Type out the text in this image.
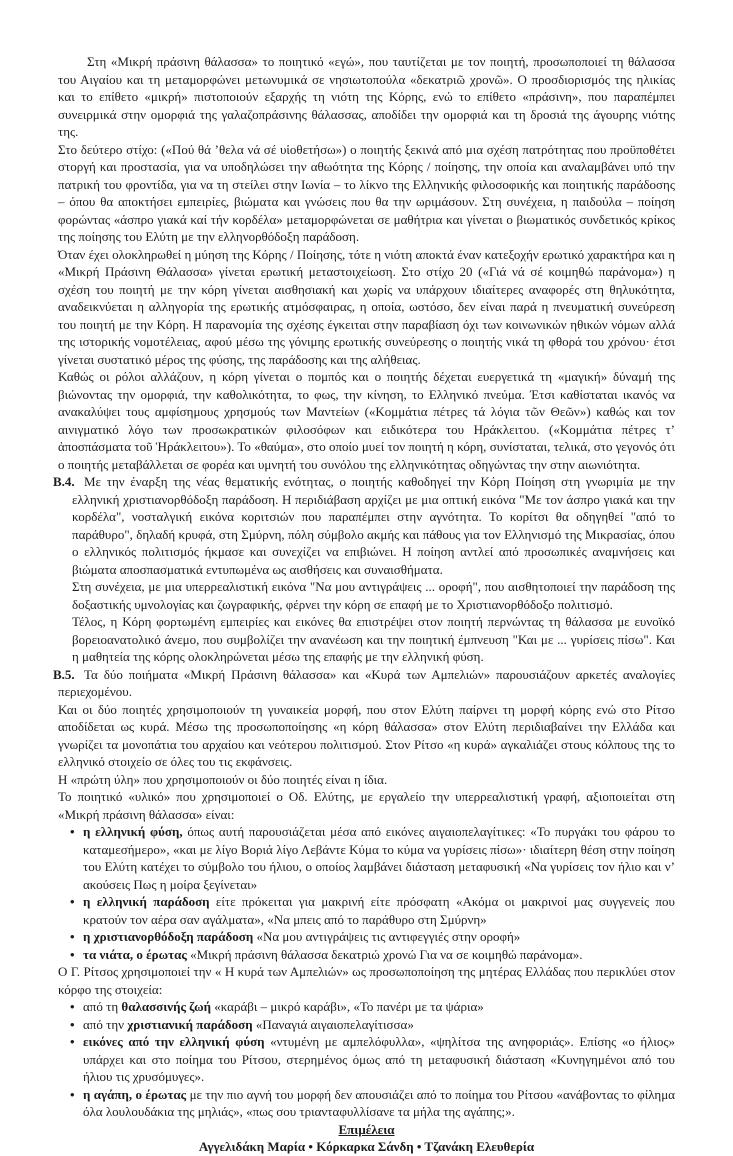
Στη «Μικρή πράσινη θάλασσα» το ποιητικό «εγώ», που ταυτίζεται με τον ποιητή, προσωποποιεί τη θάλασσα του Αιγαίου και τη μεταμορφώνει μετωνυμικά σε νησιωτοπούλα «δεκατριῶ χρονῶ». Ο προσδιορισμός της ηλικίας και το επίθετο «μικρή» πιστοποιούν εξαρχής τη νιότη της Κόρης, ενώ το επίθετο «πράσινη», που παραπέμπει συνειρμικά στην ομορφιά της γαλαζοπράσινης θάλασσας, αποδίδει την ομορφιά και τη δροσιά της άγουρης νιότης της.

Στο δεύτερο στίχο: («Πού θά ’θελα νά σέ υἱοθετήσω») ο ποιητής ξεκινά από μια σχέση πατρότητας που προϋποθέτει στοργή και προστασία, για να υποδηλώσει την αθωότητα της Κόρης / ποίησης, την οποία και αναλαμβάνει υπό την πατρική του φροντίδα, για να τη στείλει στην Ιωνία – το λίκνο της Ελληνικής φιλοσοφικής και ποιητικής παράδοσης – όπου θα αποκτήσει εμπειρίες, βιώματα και γνώσεις που θα την ωριμάσουν. Στη συνέχεια, η παιδούλα – ποίηση φορώντας «άσπρο γιακά καί τήν κορδέλα» μεταμορφώνεται σε μαθήτρια και γίνεται ο βιωματικός συνδετικός κρίκος της ποίησης του Ελύτη με την ελληνορθόδοξη παράδοση.

Όταν έχει ολοκληρωθεί η μύηση της Κόρης / Ποίησης, τότε η νιότη αποκτά έναν κατεξοχήν ερωτικό χαρακτήρα και η «Μικρή Πράσινη Θάλασσα» γίνεται ερωτική μεταστοιχείωση. Στο στίχο 20 («Γιά νά σέ κοιμηθώ παράνομα») η σχέση του ποιητή με την κόρη γίνεται αισθησιακή και χωρίς να υπάρχουν ιδιαίτερες αναφορές στη θηλυκότητα, αναδεικνύεται η αλληγορία της ερωτικής ατμόσφαιρας, η οποία, ωστόσο, δεν είναι παρά η πνευματική συνεύρεση του ποιητή με την Κόρη. Η παρανομία της σχέσης έγκειται στην παραβίαση όχι των κοινωνικών ηθικών νόμων αλλά της ιστορικής νομοτέλειας, αφού μέσω της γόνιμης ερωτικής συνεύρεσης ο ποιητής νικά τη φθορά του χρόνου· έτσι γίνεται συστατικό μέρος της φύσης, της παράδοσης και της αλήθειας.

Καθώς οι ρόλοι αλλάζουν, η κόρη γίνεται ο πομπός και ο ποιητής δέχεται ευεργετικά τη «μαγική» δύναμή της βιώνοντας την ομορφιά, την καθολικότητα, το φως, την κίνηση, το Ελληνικό πνεύμα. Έτσι καθίσταται ικανός να ανακαλύψει τους αμφίσημους χρησμούς των Μαντείων («Κομμάτια πέτρες τά λόγια τῶν Θεῶν») καθώς και τον αινιγματικό λόγο των προσωκρατικών φιλοσόφων και ειδικότερα του Ηράκλειτου. («Κομμάτια πέτρες τ’ ἀποσπάσματα τοῦ Ἡράκλειτου»). Το «θαύμα», στο οποίο μυεί τον ποιητή η κόρη, συνίσταται, τελικά, στο γεγονός ότι ο ποιητής μεταβάλλεται σε φορέα και υμνητή του συνόλου της ελληνικότητας οδηγώντας την στην αιωνιότητα.

Β.4. Με την έναρξη της νέας θεματικής ενότητας, ο ποιητής καθοδηγεί την Κόρη Ποίηση στη γνωριμία με την ελληνική χριστιανορθόδοξη παράδοση. Η περιδιάβαση αρχίζει με μια οπτική εικόνα "Με τον άσπρο γιακά και την κορδέλα", νοσταλγική εικόνα κοριτσιών που παραπέμπει στην αγνότητα. Το κορίτσι θα οδηγηθεί "από το παράθυρο", δηλαδή κρυφά, στη Σμύρνη, πόλη σύμβολο ακμής και πάθους για τον Ελληνισμό της Μικρασίας, όπου ο ελληνικός πολιτισμός ήκμασε και συνεχίζει να επιβιώνει. Η ποίηση αντλεί από προσωπικές αναμνήσεις και βιώματα αποσπασματικά εντυπωμένα ως αισθήσεις και συναισθήματα.

Στη συνέχεια, με μια υπερρεαλιστική εικόνα "Να μου αντιγράψεις ... οροφή", που αισθητοποιεί την παράδοση της δοξαστικής υμνολογίας και ζωγραφικής, φέρνει την κόρη σε επαφή με το Χριστιανορθόδοξο πολιτισμό.

Τέλος, η Κόρη φορτωμένη εμπειρίες και εικόνες θα επιστρέψει στον ποιητή περνώντας τη θάλασσα με ευνοϊκό βορειοανατολικό άνεμο, που συμβολίζει την ανανέωση και την ποιητική έμπνευση "Και με ... γυρίσεις πίσω". Και η μαθητεία της κόρης ολοκληρώνεται μέσω της επαφής με την ελληνική φύση.

Β.5. Τα δύο ποιήματα «Μικρή Πράσινη θάλασσα» και «Κυρά των Αμπελιών» παρουσιάζουν αρκετές αναλογίες περιεχομένου.

Και οι δύο ποιητές χρησιμοποιούν τη γυναικεία μορφή, που στον Ελύτη παίρνει τη μορφή κόρης ενώ στο Ρίτσο αποδίδεται ως κυρά. Μέσω της προσωποποίησης «η κόρη θάλασσα» στον Ελύτη περιδιαβαίνει την Ελλάδα και γνωρίζει τα μονοπάτια του αρχαίου και νεότερου πολιτισμού. Στον Ρίτσο «η κυρά» αγκαλιάζει στους κόλπους της το ελληνικό στοιχείο σε όλες του τις εκφάνσεις.

Η «πρώτη ύλη» που χρησιμοποιούν οι δύο ποιητές είναι η ίδια.

Το ποιητικό «υλικό» που χρησιμοποιεί ο Οδ. Ελύτης, με εργαλείο την υπερρεαλιστική γραφή, αξιοποιείται στη «Μικρή πράσινη θάλασσα» είναι:

• η ελληνική φύση, όπως αυτή παρουσιάζεται μέσα από εικόνες αιγαιοπελαγίτικες: «Το πυργάκι του φάρου το καταμεσήμερο», «και με λίγο Βοριά λίγο Λεβάντε Κύμα το κύμα να γυρίσεις πίσω»· ιδιαίτερη θέση στην ποίηση του Ελύτη κατέχει το σύμβολο του ήλιου, ο οποίος λαμβάνει διάσταση μεταφυσική «Να γυρίσεις τον ήλιο και ν’ ακούσεις Πως η μοίρα ξεγίνεται»
• η ελληνική παράδοση είτε πρόκειται για μακρινή είτε πρόσφατη «Ακόμα οι μακρινοί μας συγγενείς που κρατούν τον αέρα σαν αγάλματα», «Να μπεις από το παράθυρο στη Σμύρνη»
• η χριστιανορθόδοξη παράδοση «Να μου αντιγράψεις τις αντιφεγγιές στην οροφή»
• τα νιάτα, ο έρωτας «Μικρή πράσινη θάλασσα δεκατριώ χρονώ Για να σε κοιμηθώ παράνομα».

Ο Γ. Ρίτσος χρησιμοποιεί την « Η κυρά των Αμπελιών» ως προσωποποίηση της μητέρας Ελλάδας που περικλύει στον κόρφο της στοιχεία:

• από τη θαλασσινής ζωή «καράβι – μικρό καράβι», «Το πανέρι με τα ψάρια»
• από την χριστιανική παράδοση «Παναγιά αιγαιοπελαγίτισσα»
• εικόνες από την ελληνική φύση «ντυμένη με αμπελόφυλλα», «ψηλίτσα της ανηφοριάς». Επίσης «ο ήλιος» υπάρχει και στο ποίημα του Ρίτσου, στερημένος όμως από τη μεταφυσική διάσταση «Κυνηγημένοι από του ήλιου τις χρυσόμυγες».
• η αγάπη, ο έρωτας με την πιο αγνή του μορφή δεν απουσιάζει από το ποίημα του Ρίτσου «ανάβοντας το φίλημα όλα λουλουδάκια της μηλιάς», «πως σου τριανταφυλλίσανε τα μήλα της αγάπης;».

Επιμέλεια

Αγγελιδάκη Μαρία • Κόρκαρκα Σάνδη • Τζανάκη Ελευθερία
